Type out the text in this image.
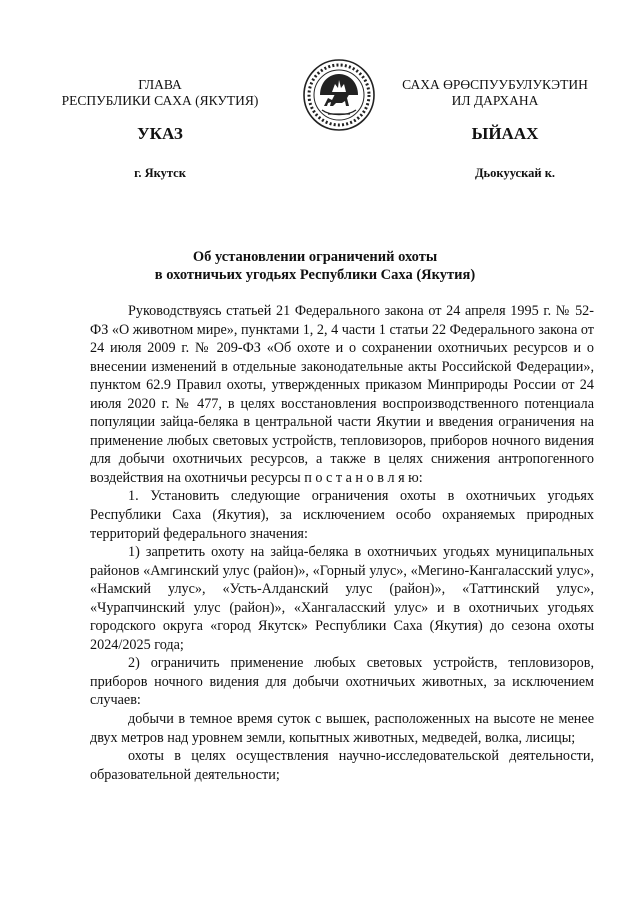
ГЛАВА
РЕСПУБЛИКИ САХА (ЯКУТИЯ)
САХА ӨРӨСПУУБУЛУКЭТИН
ИЛ ДАРХАНА
УКАЗ	ЫЙААХ
г. Якутск	Дьокуускай к.
Об установлении ограничений охоты
в охотничьих угодьях Республики Саха (Якутия)

Руководствуясь статьей 21 Федерального закона от 24 апреля 1995 г. № 52-ФЗ «О животном мире», пунктами 1, 2, 4 части 1 статьи 22 Федерального закона от 24 июля 2009 г. № 209-ФЗ «Об охоте и о сохранении охотничьих ресурсов и о внесении изменений в отдельные законодательные акты Российской Федерации», пунктом 62.9 Правил охоты, утвержденных приказом Минприроды России от 24 июля 2020 г. № 477, в целях восстановления воспроизводственного потенциала популяции зайца-беляка в центральной части Якутии и введения ограничения на применение любых световых устройств, тепловизоров, приборов ночного видения для добычи охотничьих ресурсов, а также в целях снижения антропогенного воздействия на охотничьи ресурсы п о с т а н о в л я ю:

1. Установить следующие ограничения охоты в охотничьих угодьях Республики Саха (Якутия), за исключением особо охраняемых природных территорий федерального значения:

1) запретить охоту на зайца-беляка в охотничьих угодьях муниципальных районов «Амгинский улус (район)», «Горный улус», «Мегино-Кангаласский улус», «Намский улус», «Усть-Алданский улус (район)», «Таттинский улус», «Чурапчинский улус (район)», «Хангаласский улус» и в охотничьих угодьях городского округа «город Якутск» Республики Саха (Якутия) до сезона охоты 2024/2025 года;

2) ограничить применение любых световых устройств, тепловизоров, приборов ночного видения для добычи охотничьих животных, за исключением случаев:

добычи в темное время суток с вышек, расположенных на высоте не менее двух метров над уровнем земли, копытных животных, медведей, волка, лисицы;

охоты в целях осуществления научно-исследовательской деятельности, образовательной деятельности;
